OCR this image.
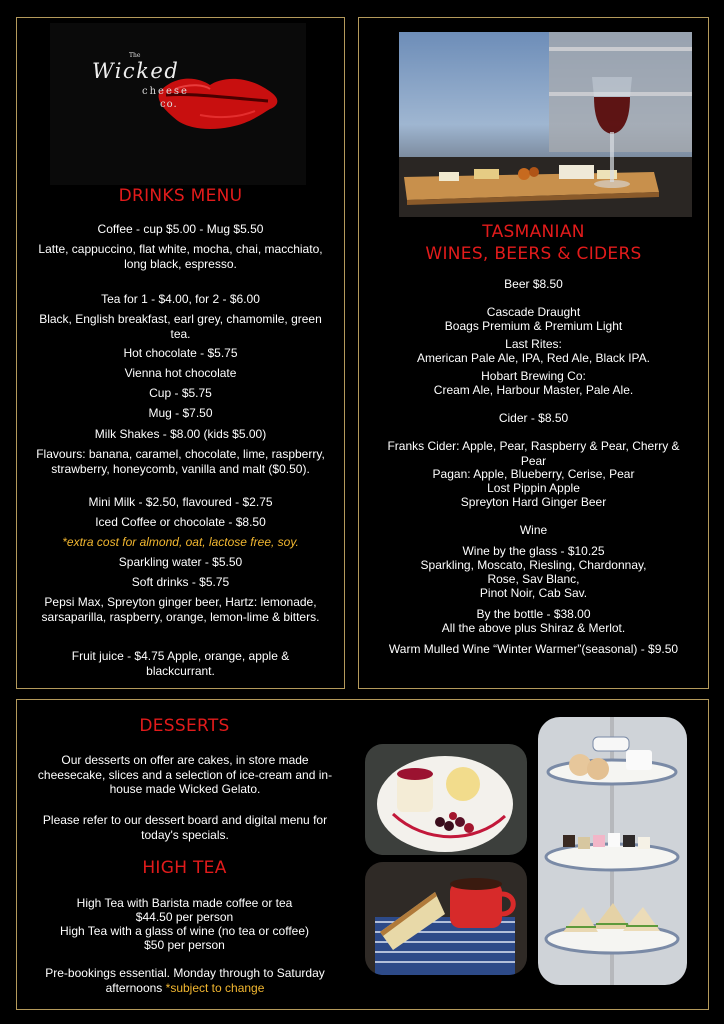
The
Wicked
cheese
co.
DRINKS MENU
Coffee - cup $5.00 - Mug $5.50
Latte, cappuccino, flat white, mocha, chai, macchiato, long black, espresso.
Tea for 1 - $4.00, for 2 - $6.00
Black, English breakfast, earl grey, chamomile, green tea.
Hot chocolate - $5.75
Vienna hot chocolate
Cup - $5.75
Mug - $7.50
Milk Shakes - $8.00 (kids $5.00)
Flavours: banana, caramel, chocolate, lime, raspberry, strawberry, honeycomb, vanilla and malt ($0.50).
Mini Milk - $2.50, flavoured - $2.75
Iced Coffee or chocolate - $8.50
*extra cost for almond, oat, lactose free, soy.
Sparkling water - $5.50
Soft drinks - $5.75
Pepsi Max, Spreyton ginger beer, Hartz: lemonade, sarsaparilla, raspberry, orange, lemon-lime & bitters.
Fruit juice - $4.75 Apple, orange, apple & blackcurrant.
TASMANIAN
WINES, BEERS & CIDERS
Beer $8.50
Cascade Draught
Boags Premium & Premium Light
Last Rites:
American Pale Ale, IPA, Red Ale, Black IPA.
Hobart Brewing Co:
Cream Ale, Harbour Master, Pale Ale.
Cider - $8.50
Franks Cider: Apple, Pear, Raspberry & Pear, Cherry & Pear
Pagan: Apple, Blueberry, Cerise, Pear
Lost Pippin Apple
Spreyton Hard Ginger Beer
Wine
Wine by the glass - $10.25
Sparkling, Moscato, Riesling, Chardonnay,
Rose, Sav Blanc,
Pinot Noir, Cab Sav.
By the bottle - $38.00
All the above plus Shiraz & Merlot.
Warm Mulled Wine “Winter Warmer”(seasonal) - $9.50
DESSERTS
Our desserts on offer are cakes, in store made cheesecake, slices and a selection of ice-cream and in-house made Wicked Gelato.
Please refer to our dessert board and digital menu for today's specials.
HIGH TEA
High Tea with Barista made coffee or tea
$44.50 per person
High Tea with a glass of wine (no tea or coffee)
$50 per person
Pre-bookings essential. Monday through to Saturday afternoons *subject to change
